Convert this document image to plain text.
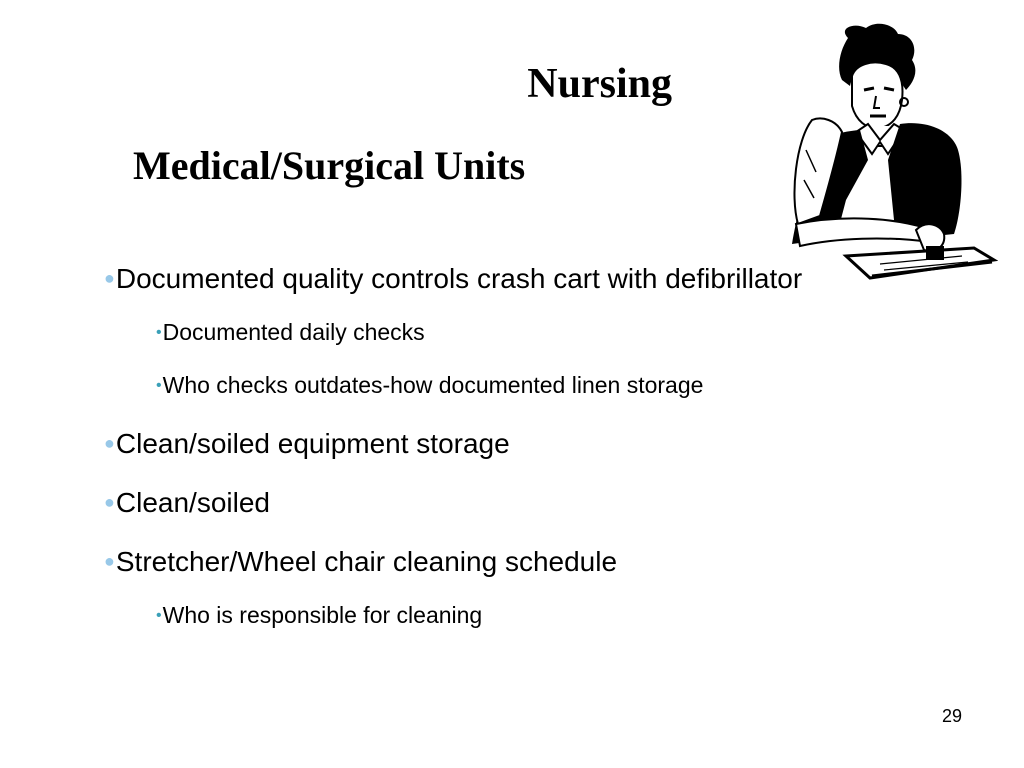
Nursing
Medical/Surgical Units
●Documented quality controls crash cart with defibrillator
•Documented daily checks
•Who checks outdates-how documented linen storage
●Clean/soiled equipment storage
●Clean/soiled
●Stretcher/Wheel chair cleaning schedule
•Who is responsible for cleaning
29
